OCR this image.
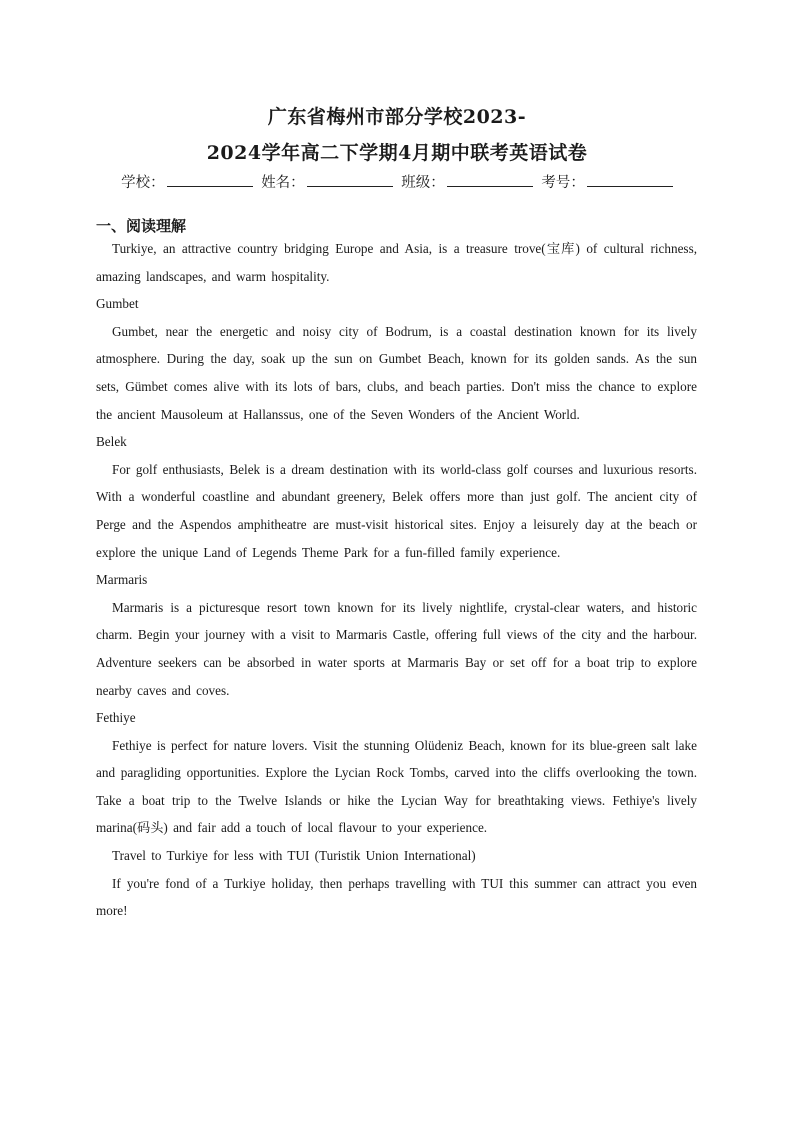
广东省梅州市部分学校2023-
2024学年高二下学期4月期中联考英语试卷
学校：	姓名：	班级：	考号：
一、阅读理解

Turkiye, an attractive country bridging Europe and Asia, is a treasure trove(宝库) of cultural richness, amazing landscapes, and warm hospitality.

Gumbet

Gumbet, near the energetic and noisy city of Bodrum, is a coastal destination known for its lively atmosphere. During the day, soak up the sun on Gumbet Beach, known for its golden sands. As the sun sets, Gümbet comes alive with its lots of bars, clubs, and beach parties. Don't miss the chance to explore the ancient Mausoleum at Hallanssus, one of the Seven Wonders of the Ancient World.

Belek

For golf enthusiasts, Belek is a dream destination with its world-class golf courses and luxurious resorts. With a wonderful coastline and abundant greenery, Belek offers more than just golf. The ancient city of Perge and the Aspendos amphitheatre are must-visit historical sites. Enjoy a leisurely day at the beach or explore the unique Land of Legends Theme Park for a fun-filled family experience.

Marmaris

Marmaris is a picturesque resort town known for its lively nightlife, crystal-clear waters, and historic charm. Begin your journey with a visit to Marmaris Castle, offering full views of the city and the harbour. Adventure seekers can be absorbed in water sports at Marmaris Bay or set off for a boat trip to explore nearby caves and coves.

Fethiye

Fethiye is perfect for nature lovers. Visit the stunning Olüdeniz Beach, known for its blue-green salt lake and paragliding opportunities. Explore the Lycian Rock Tombs, carved into the cliffs overlooking the town. Take a boat trip to the Twelve Islands or hike the Lycian Way for breathtaking views. Fethiye's lively marina(码头) and fair add a touch of local flavour to your experience.

Travel to Turkiye for less with TUI (Turistik Union International)

If you're fond of a Turkiye holiday, then perhaps travelling with TUI this summer can attract you even more!
